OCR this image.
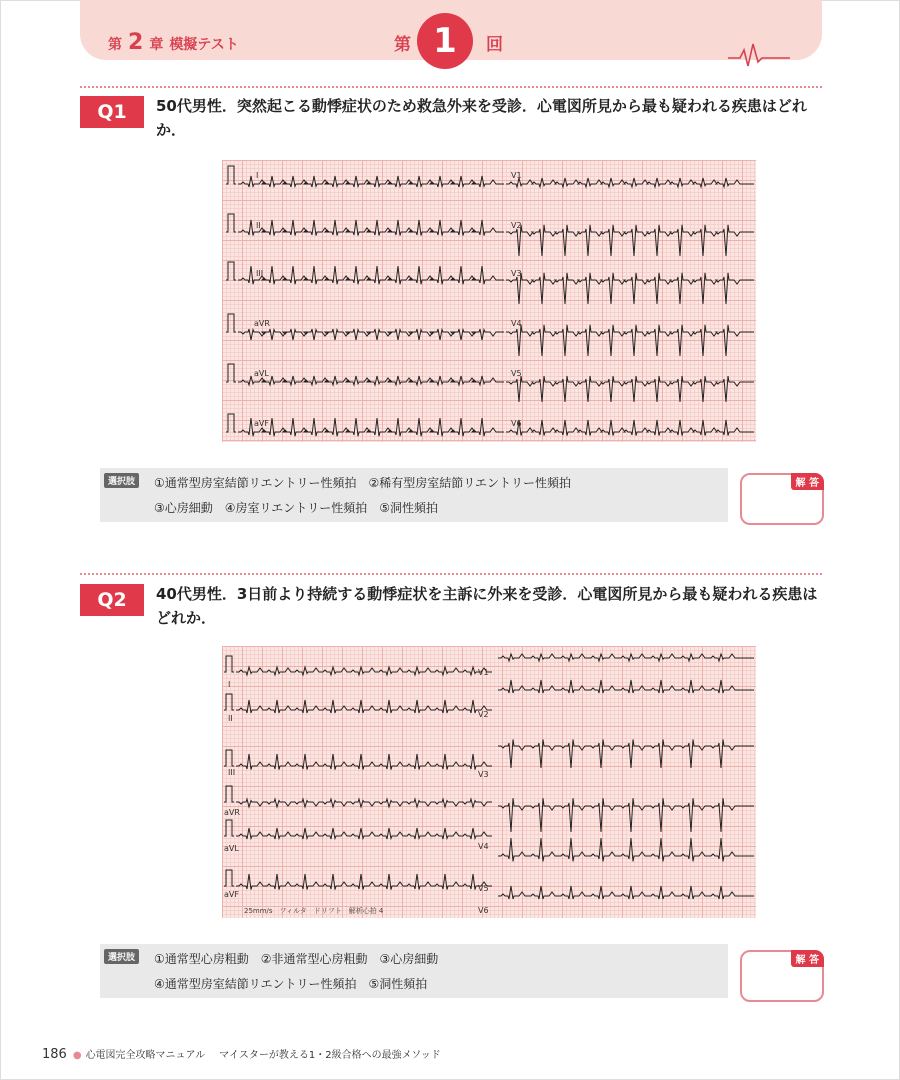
第 2 章 模擬テスト	第 1	回
Q1	50代男性．突然起こる動悸症状のため救急外来を受診．心電図所見から最も疑われる疾患はどれか．
I
II
III
aVR
aVL
aVF
V1
V2
V3
V4
V5
V6
選択肢	①通常型房室結節リエントリー性頻拍　②稀有型房室結節リエントリー性頻拍
③心房細動　④房室リエントリー性頻拍　⑤洞性頻拍
解 答
Q2	40代男性．3日前より持続する動悸症状を主訴に外来を受診．心電図所見から最も疑われる疾患はどれか．
I
II
III
aVR
aVL
aVF
V1
V2
V3
V4
V5
V6
25mm/s　フィルタ　ドリフト　解析心拍 4
選択肢	①通常型心房粗動　②非通常型心房粗動　③心房細動
④通常型房室結節リエントリー性頻拍　⑤洞性頻拍
解 答
186 ● 心電図完全攻略マニュアル マイスターが教える1・2級合格への最強メソッド
